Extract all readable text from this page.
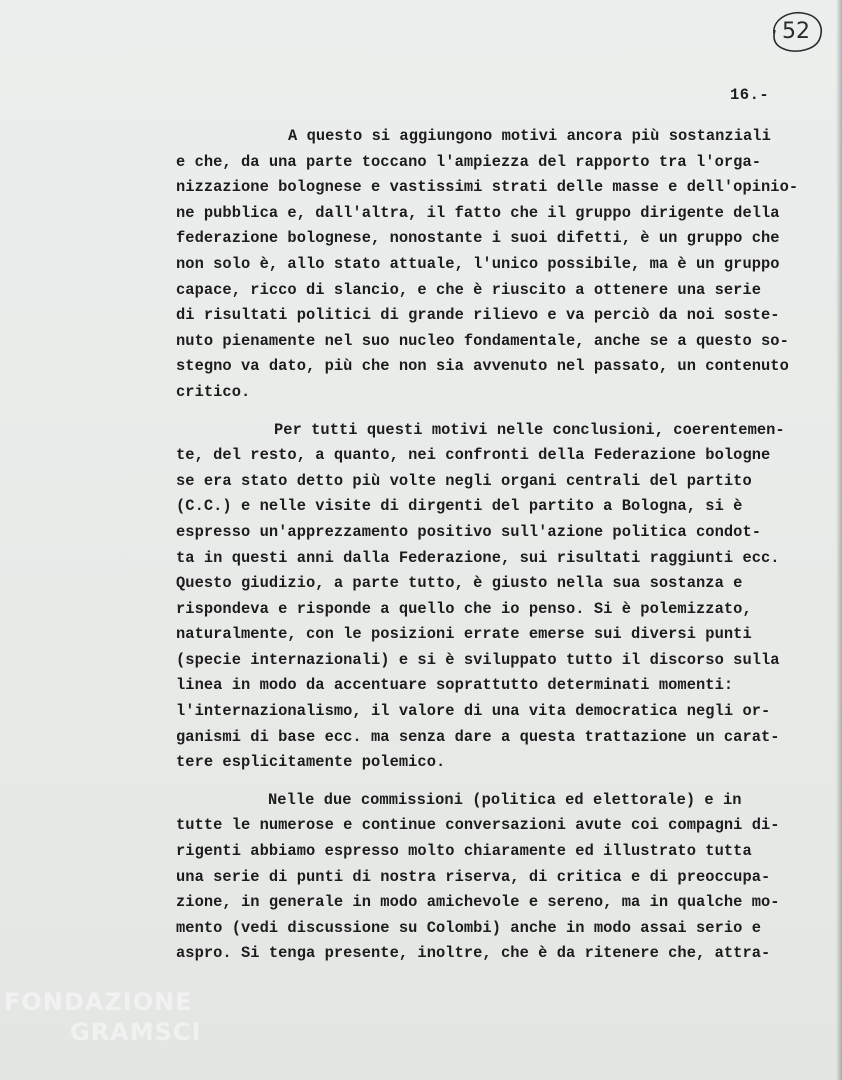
52
16.-
A questo si aggiungono motivi ancora più sostanziali
e che, da una parte toccano l'ampiezza del rapporto tra l'orga-
nizzazione bolognese e vastissimi strati delle masse e dell'opinio-
ne pubblica e, dall'altra, il fatto che il gruppo dirigente della
federazione bolognese, nonostante i suoi difetti, è un gruppo che
non solo è, allo stato attuale, l'unico possibile, ma è un gruppo
capace, ricco di slancio, e che è riuscito a ottenere una serie
di risultati politici di grande rilievo e va perciò da noi soste-
nuto pienamente nel suo nucleo fondamentale, anche se a questo so-
stegno va dato, più che non sia avvenuto nel passato, un contenuto
critico.
Per tutti questi motivi nelle conclusioni, coerentemen-
te, del resto, a quanto, nei confronti della Federazione bologne
se era stato detto più volte negli organi centrali del partito
(C.C.) e nelle visite di dirgenti del partito a Bologna, si è
espresso un'apprezzamento positivo sull'azione politica condot-
ta in questi anni dalla Federazione, sui risultati raggiunti ecc.
Questo giudizio, a parte tutto, è giusto nella sua sostanza e
rispondeva e risponde a quello che io penso. Si è polemizzato,
naturalmente, con le posizioni errate emerse sui diversi punti
(specie internazionali) e si è sviluppato tutto il discorso sulla
linea in modo da accentuare soprattutto determinati momenti:
l'internazionalismo, il valore di una vita democratica negli or-
ganismi di base ecc. ma senza dare a questa trattazione un carat-
tere esplicitamente polemico.
Nelle due commissioni (politica ed elettorale) e in
tutte le numerose e continue conversazioni avute coi compagni di-
rigenti abbiamo espresso molto chiaramente ed illustrato tutta
una serie di punti di nostra riserva, di critica e di preoccupa-
zione, in generale in modo amichevole e sereno, ma in qualche mo-
mento (vedi discussione su Colombi) anche in modo assai serio e
aspro. Si tenga presente, inoltre, che è da ritenere che, attra-
FONDAZIONE
GRAMSCI
